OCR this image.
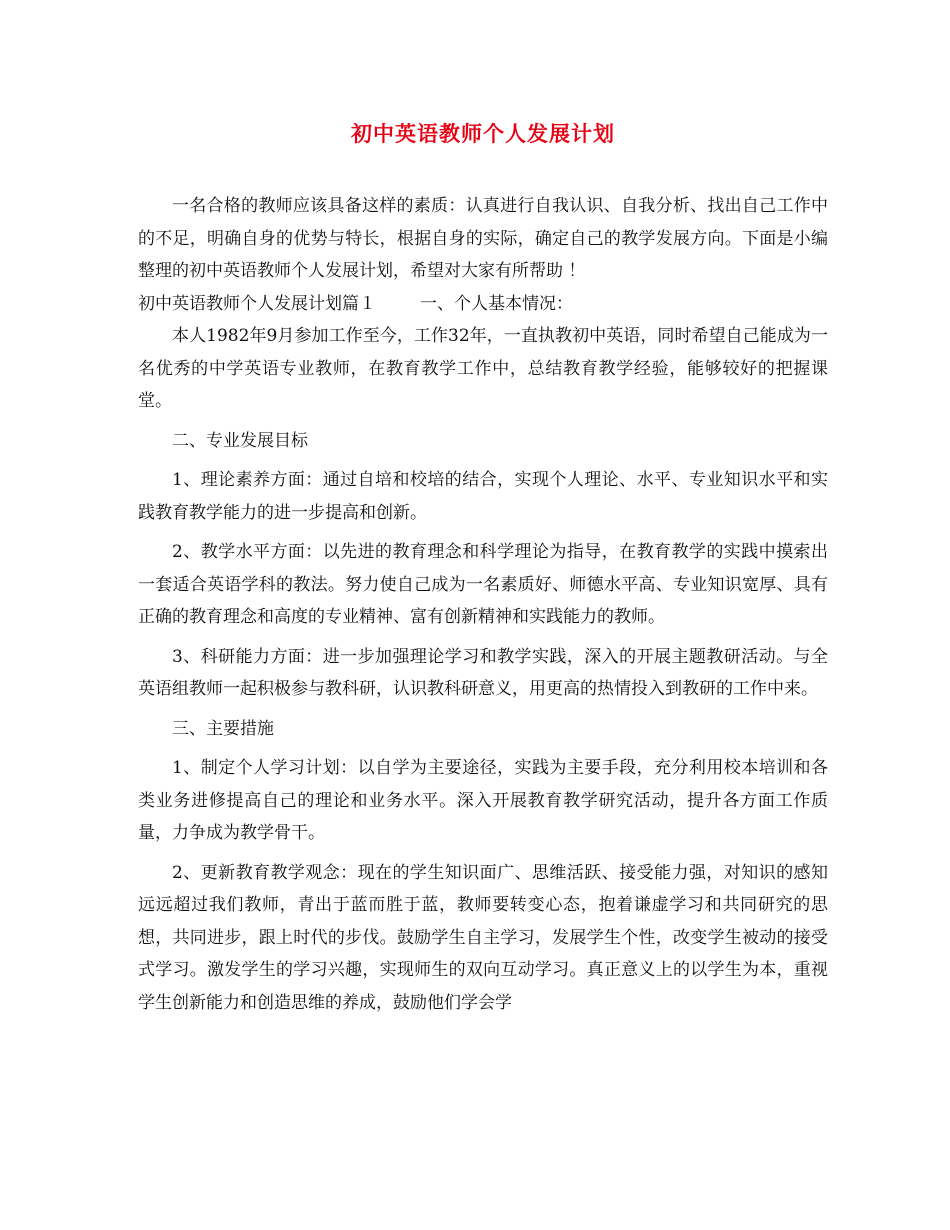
初中英语教师个人发展计划

一名合格的教师应该具备这样的素质：认真进行自我认识、自我分析、找出自己工作中的不足，明确自身的优势与特长，根据自身的实际，确定自己的教学发展方向。下面是小编整理的初中英语教师个人发展计划，希望对大家有所帮助 ！

初中英语教师个人发展计划篇１	一、个人基本情况：

本人1982年9月参加工作至今，工作32年，一直执教初中英语，同时希望自己能成为一名优秀的中学英语专业教师，在教育教学工作中，总结教育教学经验，能够较好的把握课堂。

二、专业发展目标

1、理论素养方面：通过自培和校培的结合，实现个人理论、水平、专业知识水平和实践教育教学能力的进一步提高和创新。

2、教学水平方面：以先进的教育理念和科学理论为指导，在教育教学的实践中摸索出一套适合英语学科的教法。努力使自己成为一名素质好、师德水平高、专业知识宽厚、具有正确的教育理念和高度的专业精神、富有创新精神和实践能力的教师。

3、科研能力方面：进一步加强理论学习和教学实践，深入的开展主题教研活动。与全英语组教师一起积极参与教科研，认识教科研意义，用更高的热情投入到教研的工作中来。

三、主要措施

1、制定个人学习计划：以自学为主要途径，实践为主要手段，充分利用校本培训和各类业务进修提高自己的理论和业务水平。深入开展教育教学研究活动，提升各方面工作质量，力争成为教学骨干。

2、更新教育教学观念：现在的学生知识面广、思维活跃、接受能力强，对知识的感知远远超过我们教师，青出于蓝而胜于蓝，教师要转变心态，抱着谦虚学习和共同研究的思想，共同进步，跟上时代的步伐。鼓励学生自主学习，发展学生个性，改变学生被动的接受式学习。激发学生的学习兴趣，实现师生的双向互动学习。真正意义上的以学生为本，重视学生创新能力和创造思维的养成，鼓励他们学会学
